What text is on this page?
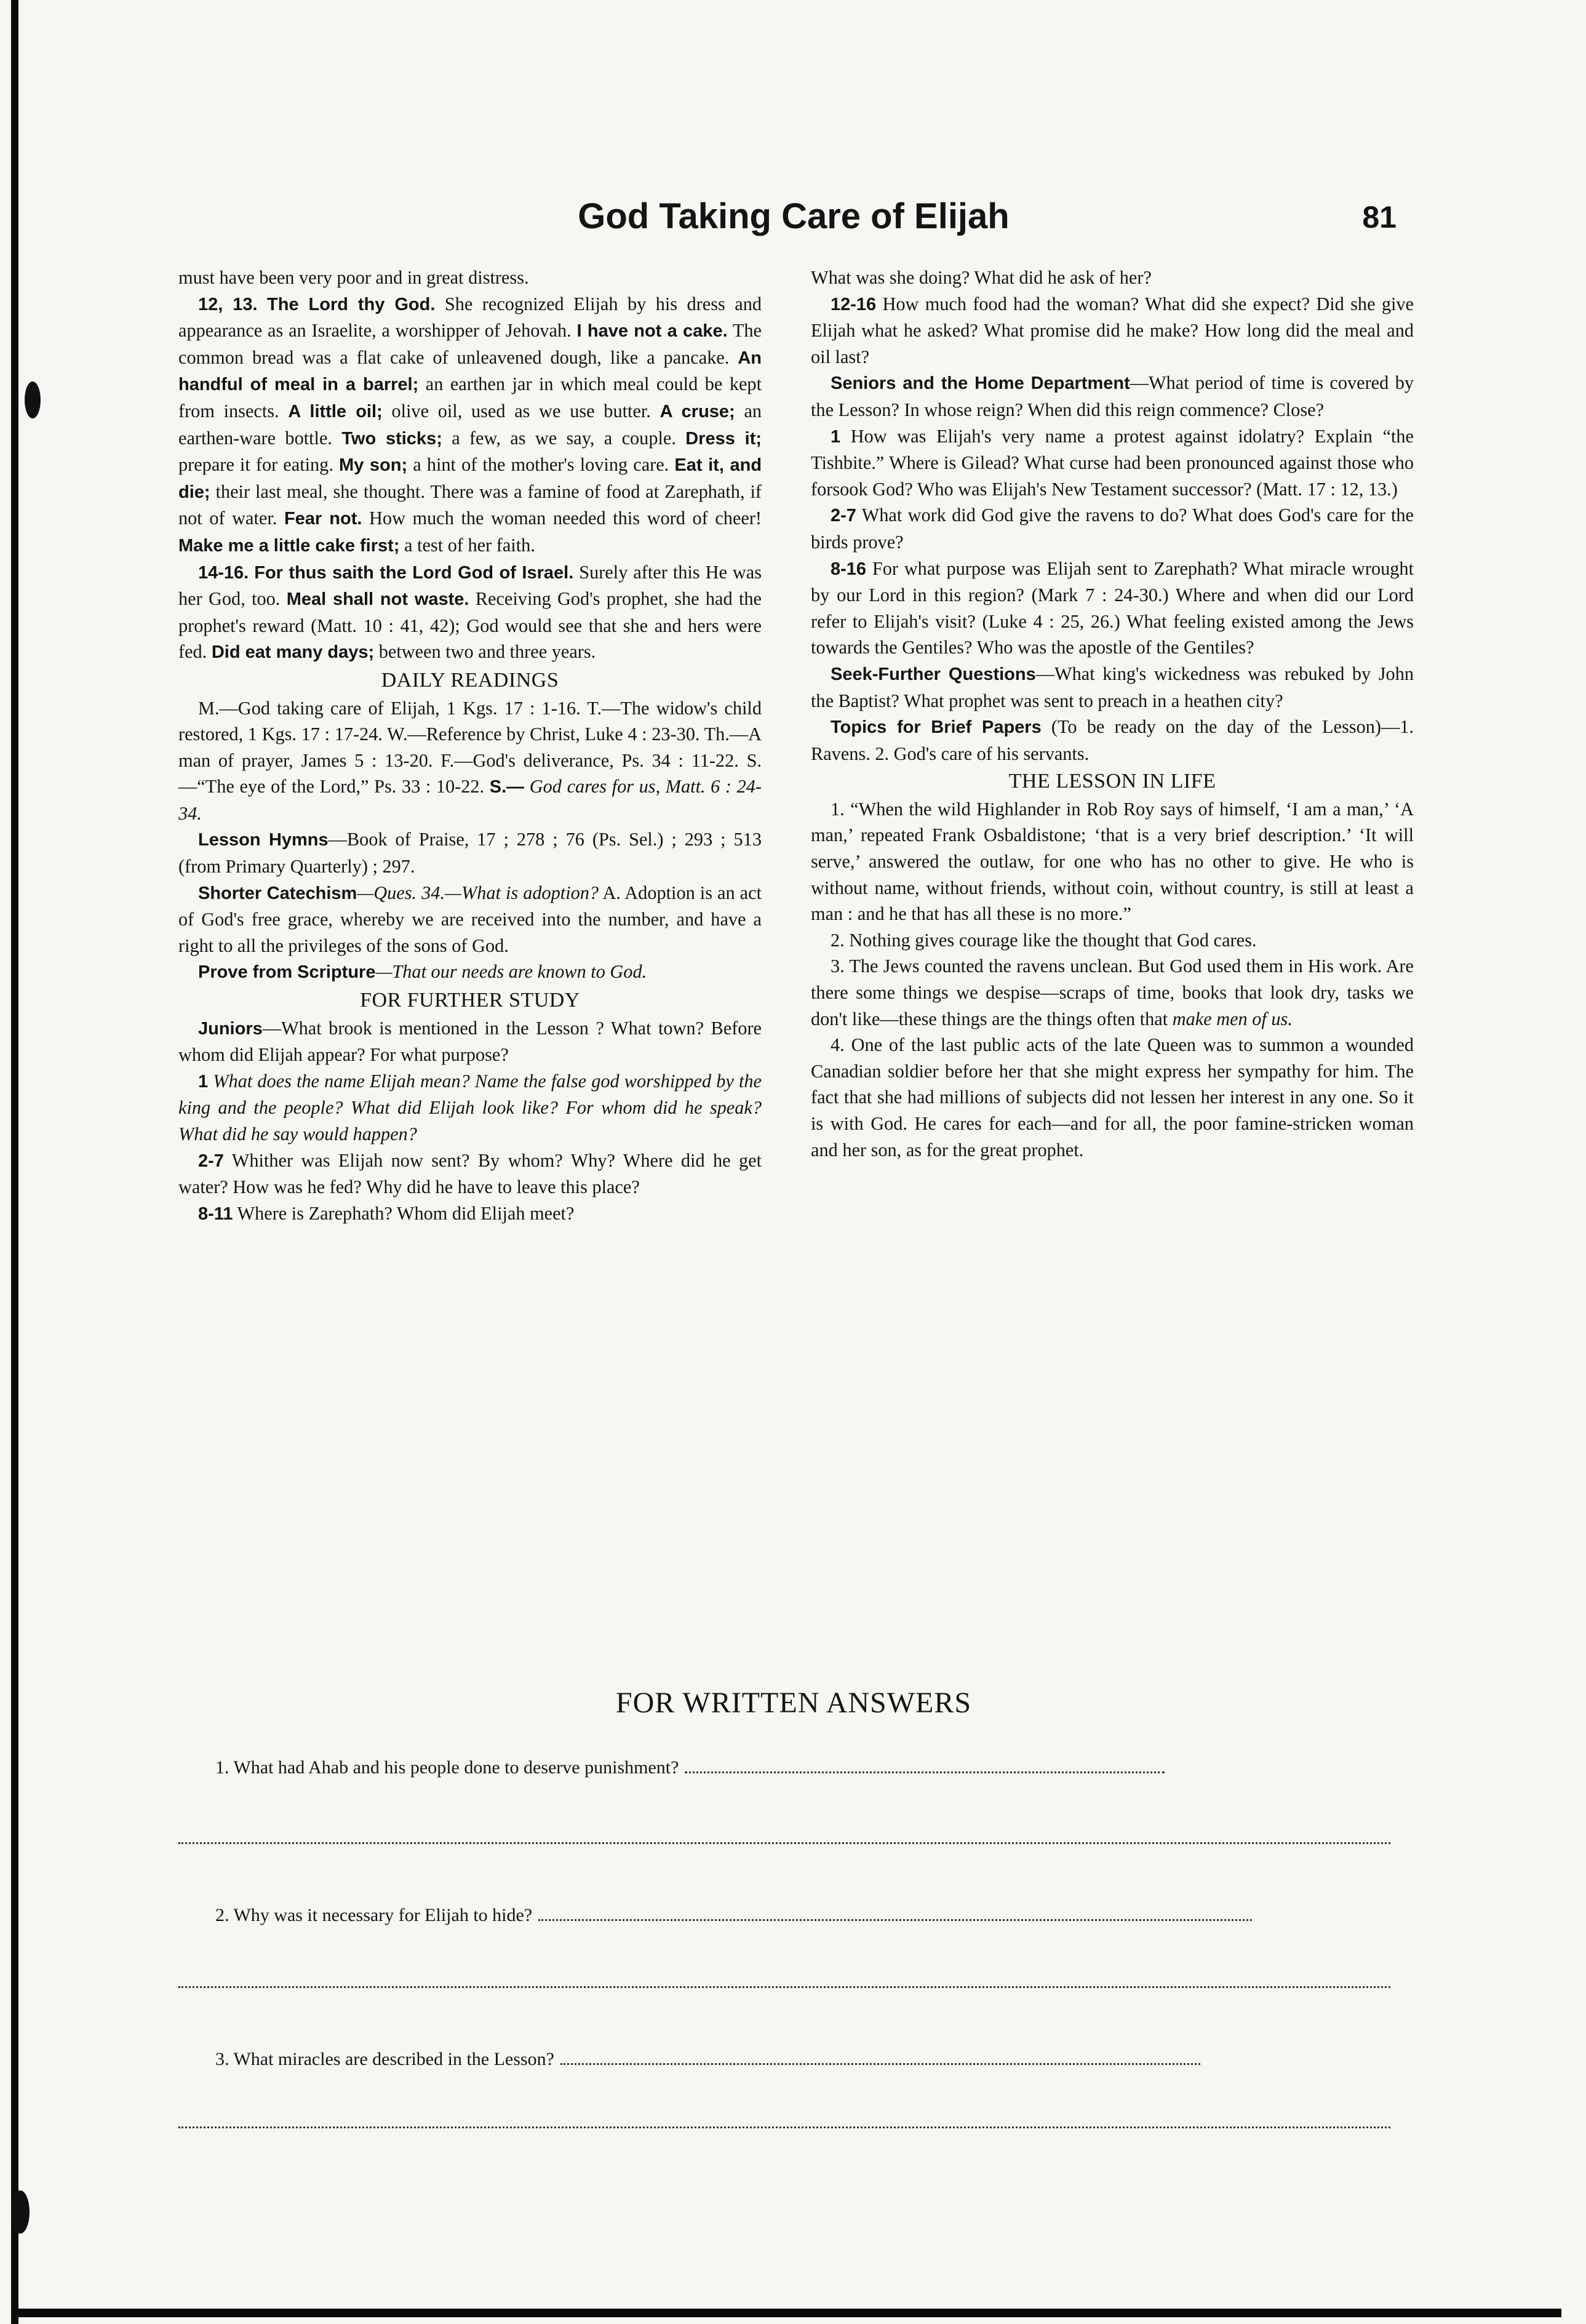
God Taking Care of Elijah	81

must have been very poor and in great distress.

12, 13. The Lord thy God. She recognized Elijah by his dress and appearance as an Israelite, a worshipper of Jehovah. I have not a cake. The common bread was a flat cake of unleavened dough, like a pancake. An handful of meal in a barrel; an earthen jar in which meal could be kept from insects. A little oil; olive oil, used as we use butter. A cruse; an earthen-ware bottle. Two sticks; a few, as we say, a couple. Dress it; prepare it for eating. My son; a hint of the mother's loving care. Eat it, and die; their last meal, she thought. There was a famine of food at Zarephath, if not of water. Fear not. How much the woman needed this word of cheer! Make me a little cake first; a test of her faith.

14-16. For thus saith the Lord God of Israel. Surely after this He was her God, too. Meal shall not waste. Receiving God's prophet, she had the prophet's reward (Matt. 10 : 41, 42); God would see that she and hers were fed. Did eat many days; between two and three years.

DAILY READINGS

M.—God taking care of Elijah, 1 Kgs. 17 : 1-16. T.—The widow's child restored, 1 Kgs. 17 : 17-24. W.—Reference by Christ, Luke 4 : 23-30. Th.—A man of prayer, James 5 : 13-20. F.—God's deliverance, Ps. 34 : 11-22. S.—“The eye of the Lord,” Ps. 33 : 10-22. S.— God cares for us, Matt. 6 : 24-34.

Lesson Hymns—Book of Praise, 17 ; 278 ; 76 (Ps. Sel.) ; 293 ; 513 (from Primary Quarterly) ; 297.

Shorter Catechism—Ques. 34.—What is adoption? A. Adoption is an act of God's free grace, whereby we are received into the number, and have a right to all the privileges of the sons of God.

Prove from Scripture—That our needs are known to God.

FOR FURTHER STUDY

Juniors—What brook is mentioned in the Lesson ? What town? Before whom did Elijah appear? For what purpose?

1 What does the name Elijah mean? Name the false god worshipped by the king and the people? What did Elijah look like? For whom did he speak? What did he say would happen?

2-7 Whither was Elijah now sent? By whom? Why? Where did he get water? How was he fed? Why did he have to leave this place?

8-11 Where is Zarephath? Whom did Elijah meet?

What was she doing? What did he ask of her?

12-16 How much food had the woman? What did she expect? Did she give Elijah what he asked? What promise did he make? How long did the meal and oil last?

Seniors and the Home Department—What period of time is covered by the Lesson? In whose reign? When did this reign commence? Close?

1 How was Elijah's very name a protest against idolatry? Explain “the Tishbite.” Where is Gilead? What curse had been pronounced against those who forsook God? Who was Elijah's New Testament successor? (Matt. 17 : 12, 13.)

2-7 What work did God give the ravens to do? What does God's care for the birds prove?

8-16 For what purpose was Elijah sent to Zarephath? What miracle wrought by our Lord in this region? (Mark 7 : 24-30.) Where and when did our Lord refer to Elijah's visit? (Luke 4 : 25, 26.) What feeling existed among the Jews towards the Gentiles? Who was the apostle of the Gentiles?

Seek-Further Questions—What king's wickedness was rebuked by John the Baptist? What prophet was sent to preach in a heathen city?

Topics for Brief Papers (To be ready on the day of the Lesson)—1. Ravens. 2. God's care of his servants.

THE LESSON IN LIFE

1. “When the wild Highlander in Rob Roy says of himself, ‘I am a man,’ ‘A man,’ repeated Frank Osbaldistone; ‘that is a very brief description.’ ‘It will serve,’ answered the outlaw, for one who has no other to give. He who is without name, without friends, without coin, without country, is still at least a man : and he that has all these is no more.”

2. Nothing gives courage like the thought that God cares.

3. The Jews counted the ravens unclean. But God used them in His work. Are there some things we despise—scraps of time, books that look dry, tasks we don't like—these things are the things often that make men of us.

4. One of the last public acts of the late Queen was to summon a wounded Canadian soldier before her that she might express her sympathy for him. The fact that she had millions of subjects did not lessen her interest in any one. So it is with God. He cares for each—and for all, the poor famine-stricken woman and her son, as for the great prophet.

FOR WRITTEN ANSWERS
1. What had Ahab and his people done to deserve punishment?
2. Why was it necessary for Elijah to hide?
3. What miracles are described in the Lesson?
